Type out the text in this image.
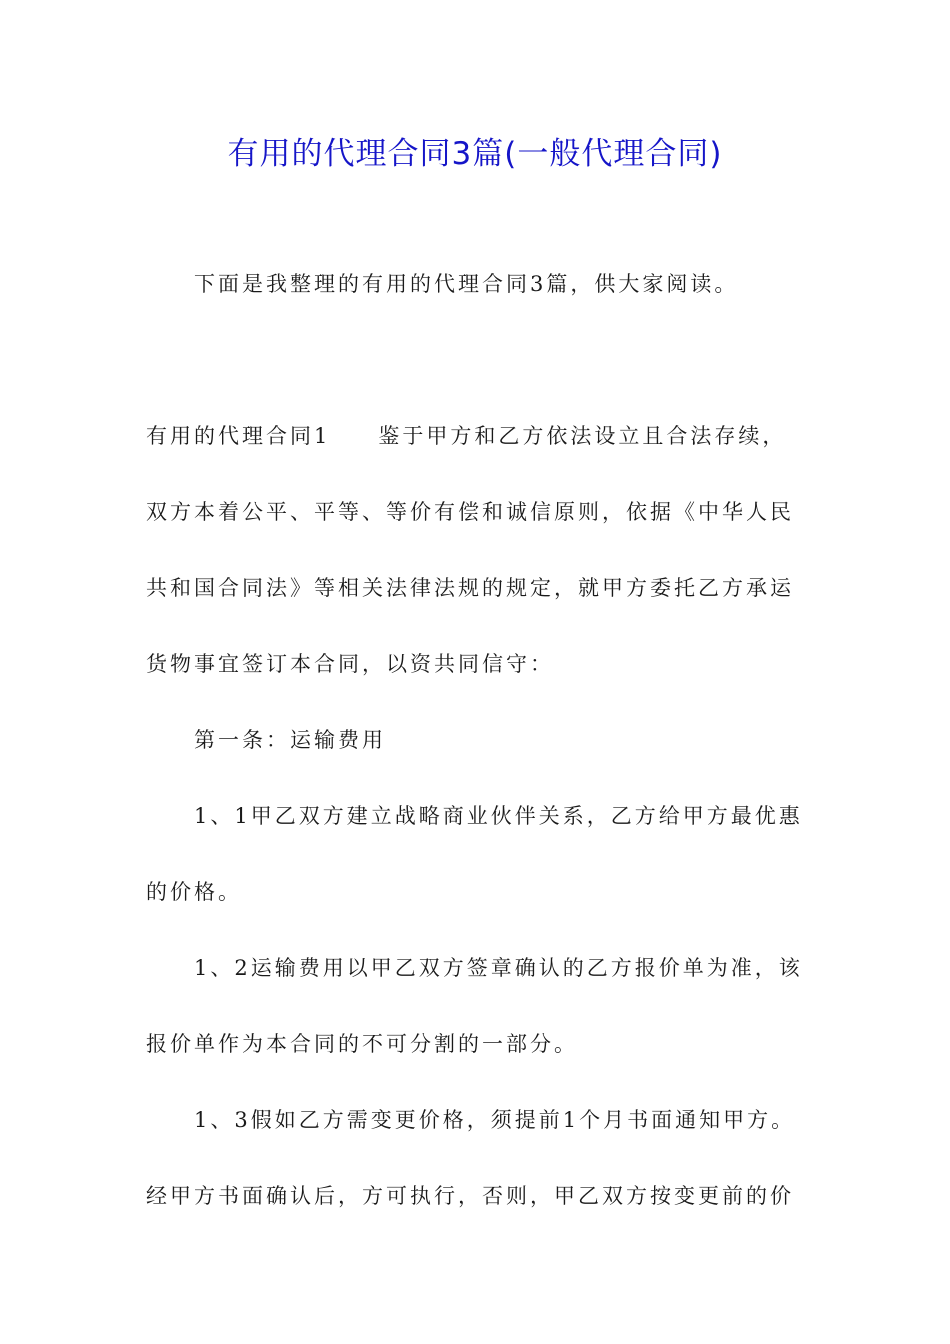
有用的代理合同3篇(一般代理合同)
下面是我整理的有用的代理合同3篇，供大家阅读。
有用的代理合同1 鉴于甲方和乙方依法设立且合法存续，
双方本着公平、平等、等价有偿和诚信原则，依据《中华人民
共和国合同法》等相关法律法规的规定，就甲方委托乙方承运
货物事宜签订本合同，以资共同信守：
第一条：运输费用
1、1甲乙双方建立战略商业伙伴关系，乙方给甲方最优惠
的价格。
1、2运输费用以甲乙双方签章确认的乙方报价单为准，该
报价单作为本合同的不可分割的一部分。
1、3假如乙方需变更价格，须提前1个月书面通知甲方。
经甲方书面确认后，方可执行，否则，甲乙双方按变更前的价
